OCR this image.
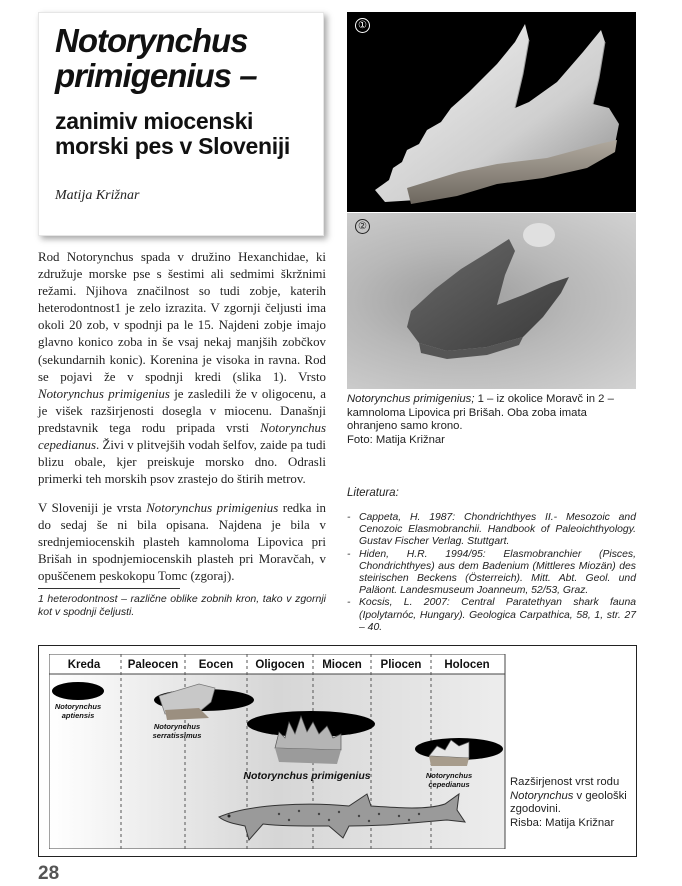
Notorynchus primigenius –
zanimiv miocenski morski pes v Sloveniji
Matija Križnar
Rod Notorynchus spada v družino Hexanchidae, ki združuje morske pse s šestimi ali sedmimi škržnimi režami. Njihova značilnost so tudi zobje, katerih heterodontnost1 je zelo izrazita. V zgornji čeljusti ima okoli 20 zob, v spodnji pa le 15. Najdeni zobje imajo glavno konico zoba in še vsaj nekaj manjših zobčkov (sekundarnih konic). Korenina je visoka in ravna. Rod se pojavi že v spodnji kredi (slika 1). Vrsto Notorynchus primigenius je zasledili že v oligocenu, a je višek razširjenosti dosegla v miocenu. Današnji predstavnik tega rodu pripada vrsti Notorynchus cepedianus. Živi v plitvejših vodah šelfov, zaide pa tudi blizu obale, kjer preiskuje morsko dno. Odrasli primerki teh morskih psov zrastejo do štirih metrov.
V Sloveniji je vrsta Notorynchus primigenius redka in do sedaj še ni bila opisana. Najdena je bila v srednjemiocenskih plasteh kamnoloma Lipovica pri Brišah in spodnjemiocenskih plasteh pri Moravčah, v opuščenem peskokopu Tomc (zgoraj).
1 heterodontnost – različne oblike zobnih kron, tako v zgornji kot v spodnji čeljusti.
①
②
Notorynchus primigenius; 1 – iz okolice Moravč in 2 – kamnoloma Lipovica pri Brišah. Oba zoba imata ohranjeno samo krono.
Foto: Matija Križnar
Literatura:
- Cappeta, H. 1987: Chondrichthyes II.- Mesozoic and Cenozoic Elasmobranchii. Handbook of Paleoichthyology. Gustav Fischer Verlag. Stuttgart.
- Hiden, H.R. 1994/95: Elasmobranchier (Pisces, Chondrichthyes) aus dem Badenium (Mittleres Miozän) des steirischen Beckens (Österreich). Mitt. Abt. Geol. und Paläont. Landesmuseum Joanneum, 52/53, Graz.
- Kocsis, L. 2007: Central Paratethyan shark fauna (Ipolytarnóc, Hungary). Geologica Carpathica, 58, 1, str. 27 – 40.
Kreda Paleocen Eocen Oligocen Miocen Pliocen Holocen
Notorynchus
aptiensis
Notorynchus
serratissimus
Notorynchus primigenius	Notorynchus
cepedianus	Razširjenost vrst rodu Notorynchus v geološki zgodovini.
Risba: Matija Križnar
28
